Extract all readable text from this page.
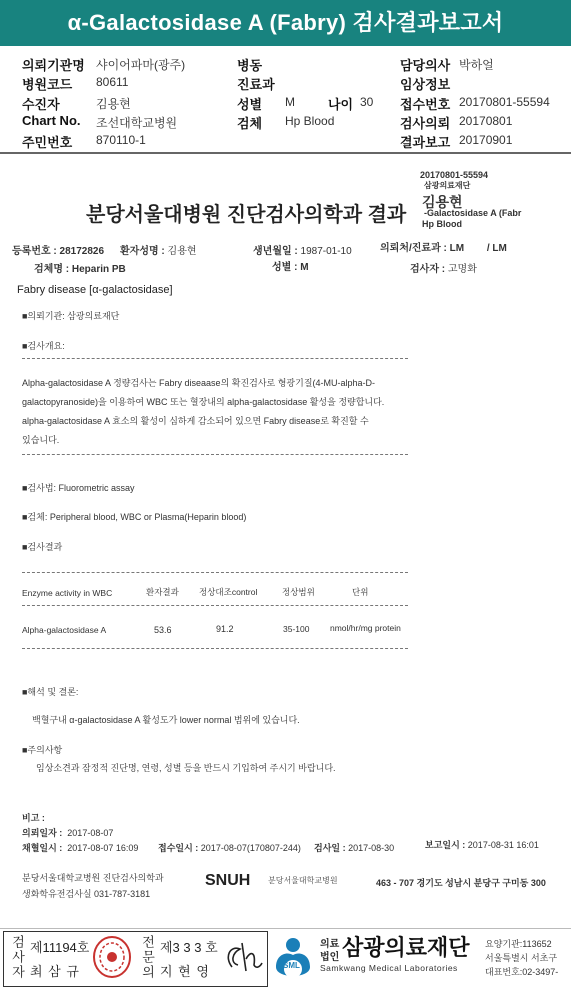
α-Galactosidase A (Fabry) 검사결과보고서
의뢰기관명 샤이어파마(광주)
병원코드 80611
수진자	김용현
Chart No. 조선대학교병원
주민번호 870110-1
병동
진료과
성별 M	나이 30
검체 Hp Blood
담당의사 박하얼
임상정보
접수번호 20170801-55594
검사의뢰 20170801
결과보고 20170901
20170801-55594
삼광의료재단
김용현
-Galactosidase A (Fabr
Hp Blood
분당서울대병원 진단검사의학과 결과
등록번호 : 28172826 환자성명 : 김용현	생년월일 : 1987-01-10	의뢰처/진료과 : LM / LM
검체명 : Heparin PB	성별 : M	검사자 : 고명화
Fabry disease [α-galactosidase]
■의뢰기관: 삼광의료재단
■검사개요:
Alpha-galactosidase A 정량검사는 Fabry diseaase의 확진검사로 형광기질(4-MU-alpha-D-
galactopyranoside)을 이용하여 WBC 또는 혈장내의 alpha-galactosidase 활성을 정량합니다.
alpha-galactosidase A 효소의 활성이 심하게 감소되어 있으면 Fabry disease로 확진할 수
있습니다.
■검사법: Fluorometric assay
■검체: Peripheral blood, WBC or Plasma(Heparin blood)
■검사결과
Enzyme activity in WBC	환자결과 정상대조control	정상범위	단위
Alpha-galactosidase A	53.6	91.2	35-100 nmol/hr/mg protein
■해석 및 결론:
백혈구내 α-galactosidase A 활성도가 lower normal 범위에 있습니다.
■주의사항
임상소견과 잠정적 진단명, 연령, 성별 등을 반드시 기입하여 주시기 바랍니다.
비고 :
의뢰일자 : 2017-08-07
채혈일시 : 2017-08-07 16:09 접수일시 : 2017-08-07(170807-244) 검사일 : 2017-08-30	보고일시 : 2017-08-31 16:01
분당서울대학교병원 진단검사의학과
생화학유전검사실 031-787-3181
SNUH 분당서울대학교병원	463 - 707 경기도 성남시 분당구 구미동 300
검사자 제11194호
최 삼 규	전문의 제3 3 3 호
지 현 영	SML
의료
법인 삼광의료재단
Samkwang Medical Laboratories
요양기관:113652
서울특별시 서초구
대표번호:02-3497-
